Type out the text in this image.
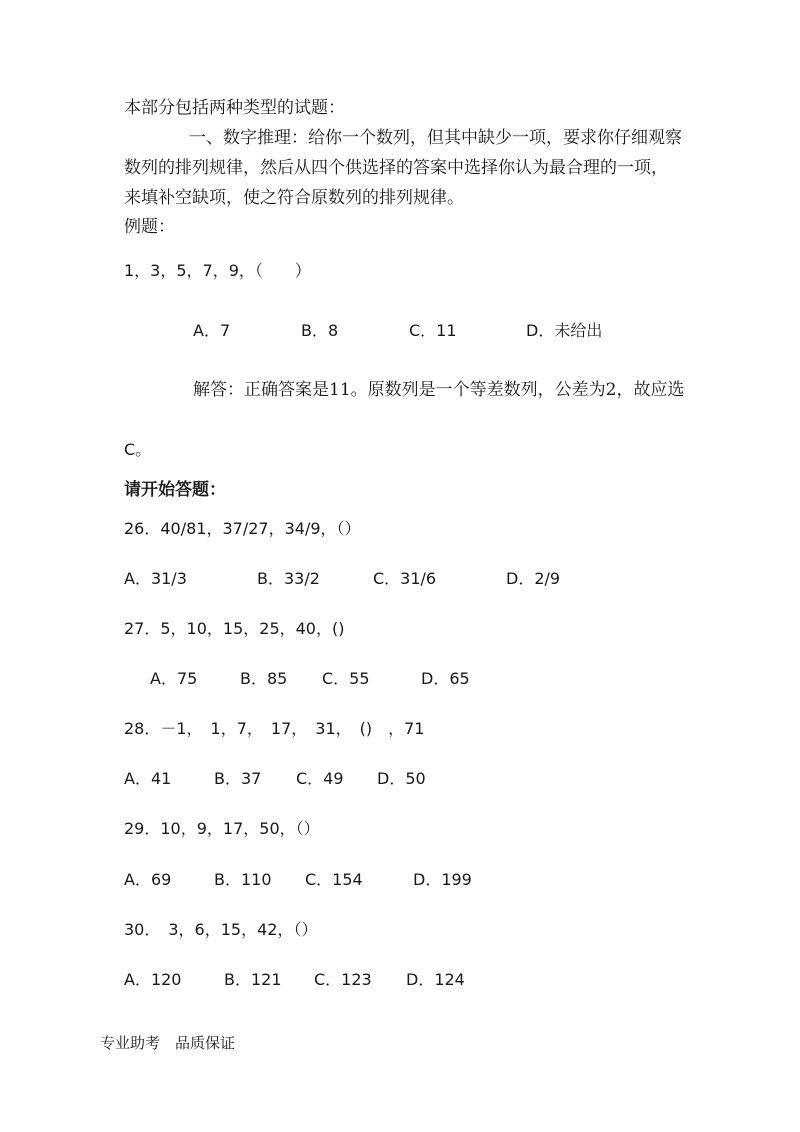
本部分包括两种类型的试题：
一、数字推理：给你一个数列，但其中缺少一项，要求你仔细观察
数列的排列规律，然后从四个供选择的答案中选择你认为最合理的一项，
来填补空缺项，使之符合原数列的排列规律。
例题：
1，3，5，7，9，（　　）
A．7	B．8	C．11	D．未给出
解答：正确答案是11。原数列是一个等差数列，公差为2，故应选
C。
请开始答题：
26．40/81，37/27，34/9，（）
A．31/3	B．33/2	C．31/6	D．2/9
27．5，10，15，25，40，()
A．75	B．85 C．55	D．65
28．－1，　1，7，　17，　31，　()　，71
A．41	B．37 C．49 D．50
29．10，9，17，50，（）
A．69	B．110 C．154	D．199
30．　3，6，15，42，（）
A．120	B．121 C．123 D．124
专业助考　品质保证
